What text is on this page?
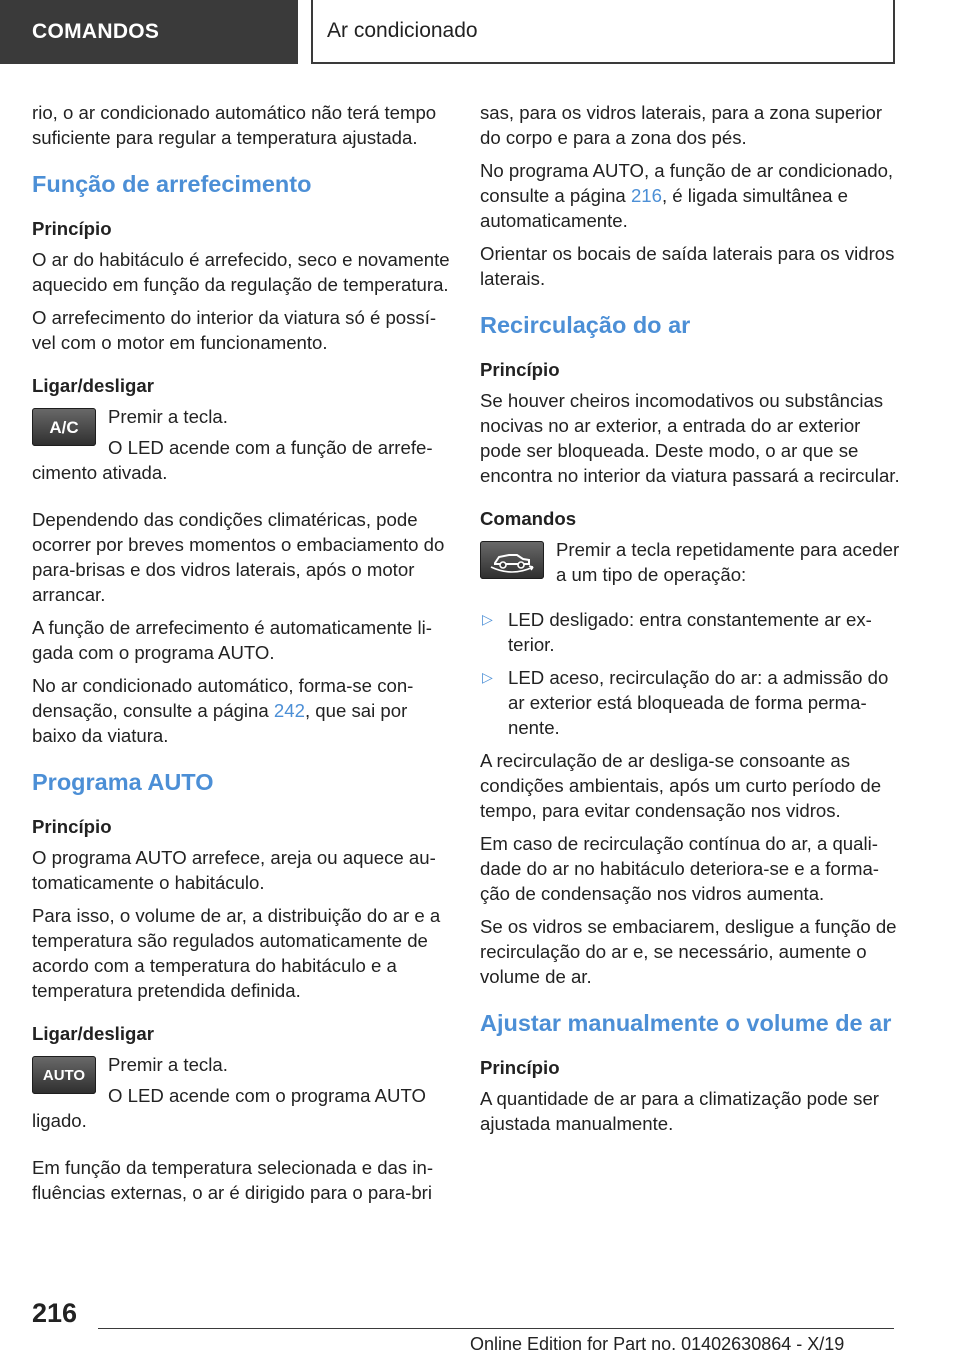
COMANDOS	Ar condicionado

rio, o ar condicionado automático não terá tempo suficiente para regular a temperatura ajustada.

Função de arrefecimento
Princípio

O ar do habitáculo é arrefecido, seco e novamente aquecido em função da regulação de temperatura.

O arrefecimento do interior da viatura só é possível com o motor em funcionamento.

Ligar/desligar
A/C	Premir a tecla.

O LED acende com a função de arrefecimento ativada.

Dependendo das condições climatéricas, pode ocorrer por breves momentos o embaciamento do para-brisas e dos vidros laterais, após o motor arrancar.

A função de arrefecimento é automaticamente ligada com o programa AUTO.

No ar condicionado automático, forma-se condensação, consulte a página 242, que sai por baixo da viatura.

Programa AUTO
Princípio

O programa AUTO arrefece, areja ou aquece automaticamente o habitáculo.

Para isso, o volume de ar, a distribuição do ar e a temperatura são regulados automaticamente de acordo com a temperatura do habitáculo e a temperatura pretendida definida.

Ligar/desligar
AUTO	Premir a tecla.

O LED acende com o programa AUTO ligado.

Em função da temperatura selecionada e das influências externas, o ar é dirigido para o para-bri

sas, para os vidros laterais, para a zona superior do corpo e para a zona dos pés.

No programa AUTO, a função de ar condicionado, consulte a página 216, é ligada simultânea e automaticamente.

Orientar os bocais de saída laterais para os vidros laterais.

Recirculação do ar
Princípio

Se houver cheiros incomodativos ou substâncias nocivas no ar exterior, a entrada do ar exterior pode ser bloqueada. Deste modo, o ar que se encontra no interior da viatura passará a recircular.

Comandos

Premir a tecla repetidamente para aceder a um tipo de operação:

▷ LED desligado: entra constantemente ar exterior.
▷ LED aceso, recirculação do ar: a admissão do ar exterior está bloqueada de forma permanente.

A recirculação de ar desliga-se consoante as condições ambientais, após um curto período de tempo, para evitar condensação nos vidros.

Em caso de recirculação contínua do ar, a qualidade do ar no habitáculo deteriora-se e a formação de condensação nos vidros aumenta.

Se os vidros se embaciarem, desligue a função de recirculação do ar e, se necessário, aumente o volume de ar.

Ajustar manualmente o volume de ar
Princípio

A quantidade de ar para a climatização pode ser ajustada manualmente.

216
Online Edition for Part no. 01402630864 - X/19
